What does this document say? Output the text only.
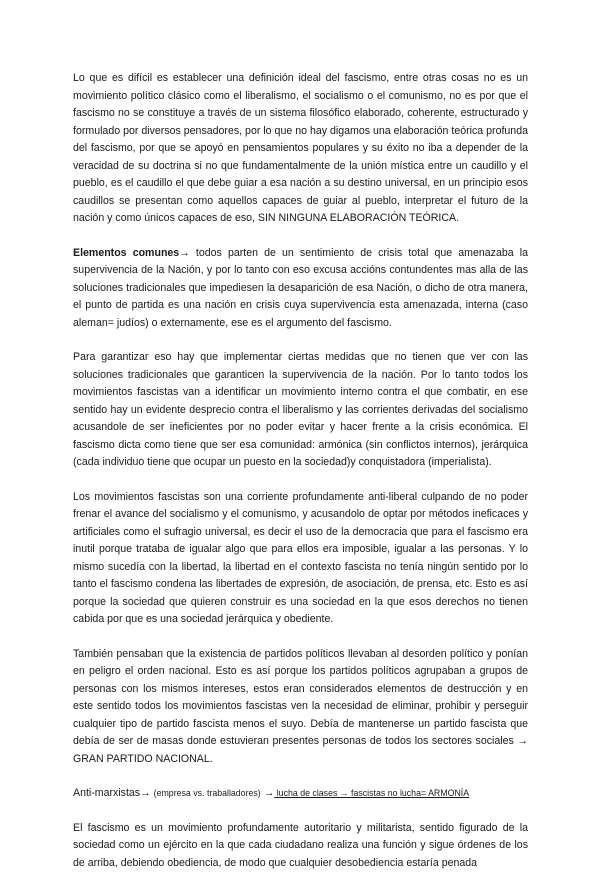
Lo que es difícil es establecer una definición ideal del fascismo, entre otras cosas no es un movimiento político clásico como el liberalismo, el socialismo o el comunismo, no es por que el fascismo no se constituye a través de un sistema filosófico elaborado, coherente, estructurado y formulado por diversos pensadores, por lo que no hay digamos una elaboración teórica profunda del fascismo, por que se apoyó en pensamientos populares y su éxito no iba a depender de la veracidad de su doctrina si no que fundamentalmente de la unión mística entre un caudillo y el pueblo, es el caudillo el que debe guiar a esa nación a su destino universal, en un principio esos caudillos se presentan como aquellos capaces de guiar al pueblo, interpretar el futuro de la nación y como únicos capaces de eso, SIN NINGUNA ELABORACIÓN TEÓRICA.

Elementos comunes→ todos parten de un sentimiento de crisis total que amenazaba la supervivencia de la Nación, y por lo tanto con eso excusa accións contundentes mas alla de las soluciones tradicionales que impediesen la desaparición de esa Nación, o dicho de otra manera, el punto de partida es una nación en crisis cuya supervivencia esta amenazada, interna (caso aleman= judíos) o externamente, ese es el argumento del fascismo.

Para garantizar eso hay que implementar ciertas medidas que no tienen que ver con las soluciones tradicionales que garanticen la supervivencia de la nación. Por lo tanto todos los movimientos fascistas van a identificar un movimiento interno contra el que combatir, en ese sentido hay un evidente desprecio contra el liberalismo y las corrientes derivadas del socialismo acusandole de ser ineficientes por no poder evitar y hacer frente a la crisis económica. El fascismo dicta como tiene que ser esa comunidad: armónica (sin conflictos internos), jerárquica (cada individuo tiene que ocupar un puesto en la sociedad)y conquistadora (imperialista).

Los movimientos fascistas son una corriente profundamente anti-liberal culpando de no poder frenar el avance del socialismo y el comunismo, y acusandolo de optar por métodos ineficaces y artificiales como el sufragio universal, es decir el uso de la democracia que para el fascismo era inutil porque trataba de igualar algo que para ellos era imposible, igualar a las personas. Y lo mismo sucedía con la libertad, la libertad en el contexto fascista no tenía ningún sentido por lo tanto el fascismo condena las libertades de expresión, de asociación, de prensa, etc. Esto es así porque la sociedad que quieren construir es una sociedad en la que esos derechos no tienen cabida por que es una sociedad jerárquica y obediente.

También pensaban que la existencia de partidos políticos llevaban al desorden político y ponían en peligro el orden nacional. Esto es así porque los partidos políticos agrupaban a grupos de personas con los mismos intereses, estos eran considerados elementos de destrucción y en este sentido todos los movimientos fascistas ven la necesidad de eliminar, prohibir y perseguir cualquier tipo de partido fascista menos el suyo. Debía de mantenerse un partido fascista que debía de ser de masas donde estuvieran presentes personas de todos los sectores sociales → GRAN PARTIDO NACIONAL.

Anti-marxistas→ (empresa vs. traballadores) → lucha de clases → fascistas no lucha= ARMONÍA

El fascismo es un movimiento profundamente autoritario y militarista, sentido figurado de la sociedad como un ejército en la que cada ciudadano realiza una función y sigue órdenes de los de arriba, debiendo obediencia, de modo que cualquier desobediencia estaría penada
